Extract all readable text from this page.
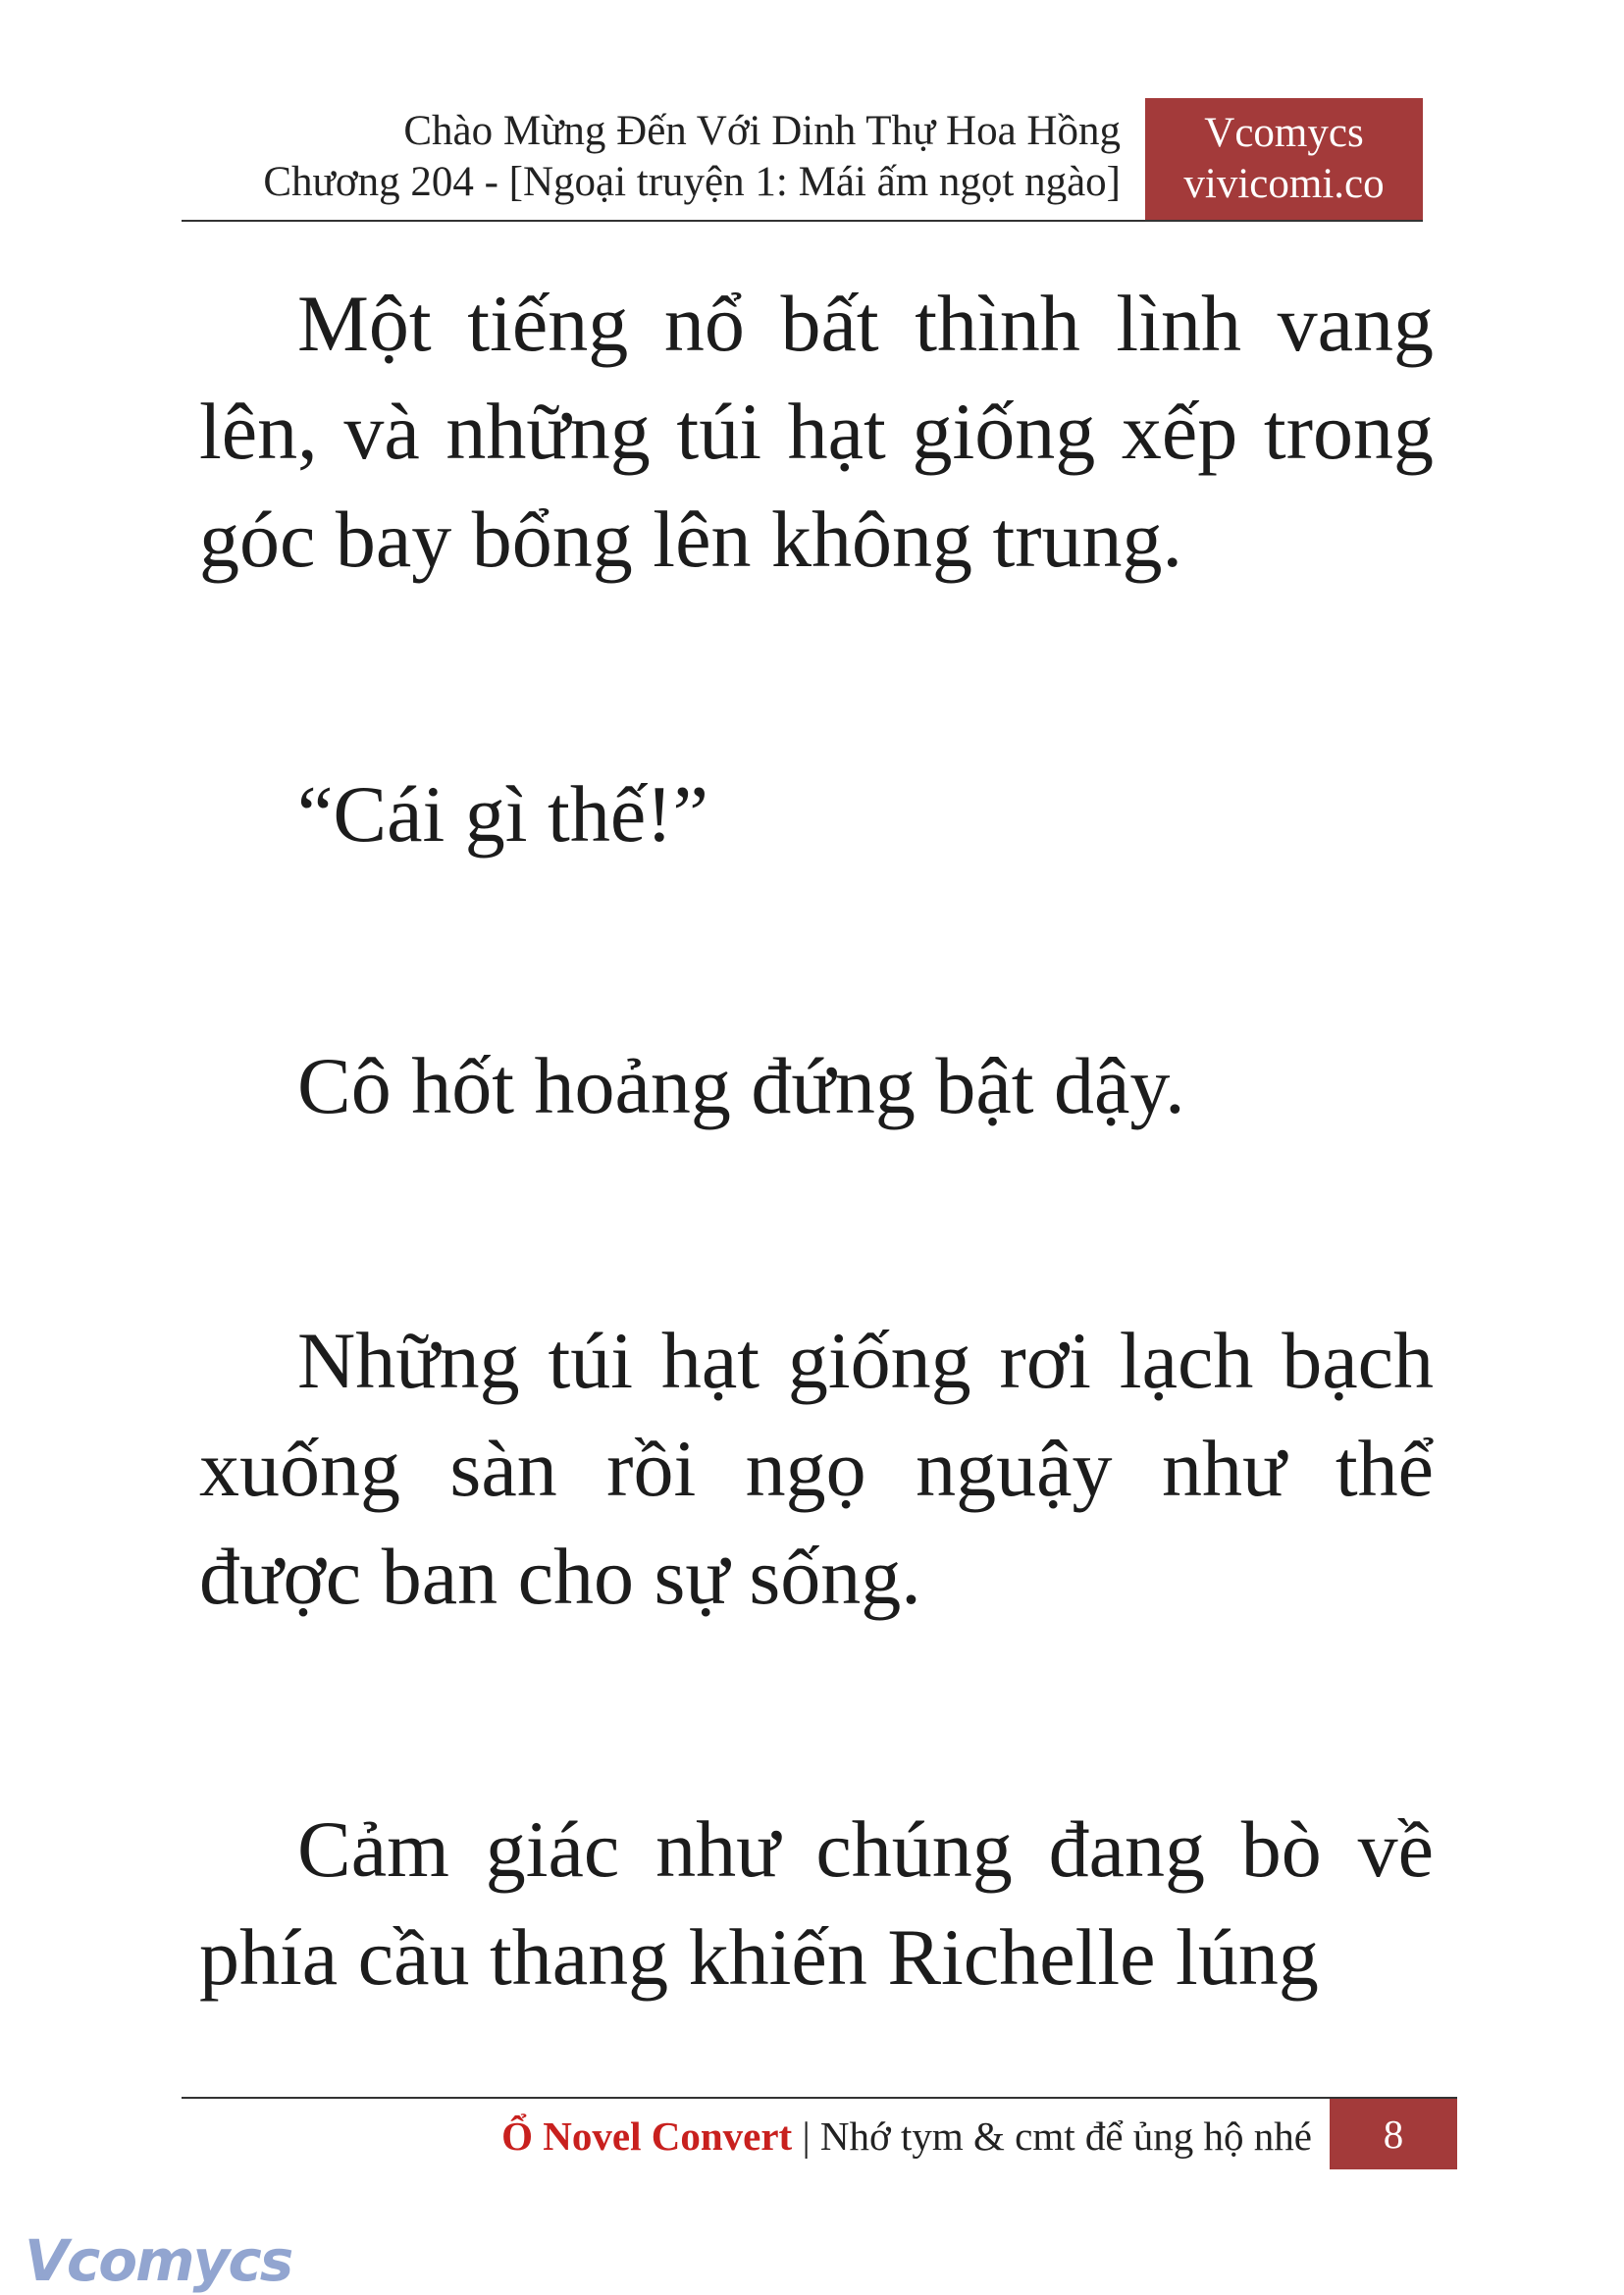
Chào Mừng Đến Với Dinh Thự Hoa Hồng
Chương 204 - [Ngoại truyện 1: Mái ấm ngọt ngào]
Vcomycs
vivicomi.co

Một tiếng nổ bất thình lình vang lên, và những túi hạt giống xếp trong góc bay bổng lên không trung.

“Cái gì thế!”

Cô hốt hoảng đứng bật dậy.

Những túi hạt giống rơi lạch bạch xuống sàn rồi ngọ nguậy như thể được ban cho sự sống.

Cảm giác như chúng đang bò về phía cầu thang khiến Richelle lúng

Ổ Novel Convert | Nhớ tym & cmt để ủng hộ nhé	8
Vcomycs
